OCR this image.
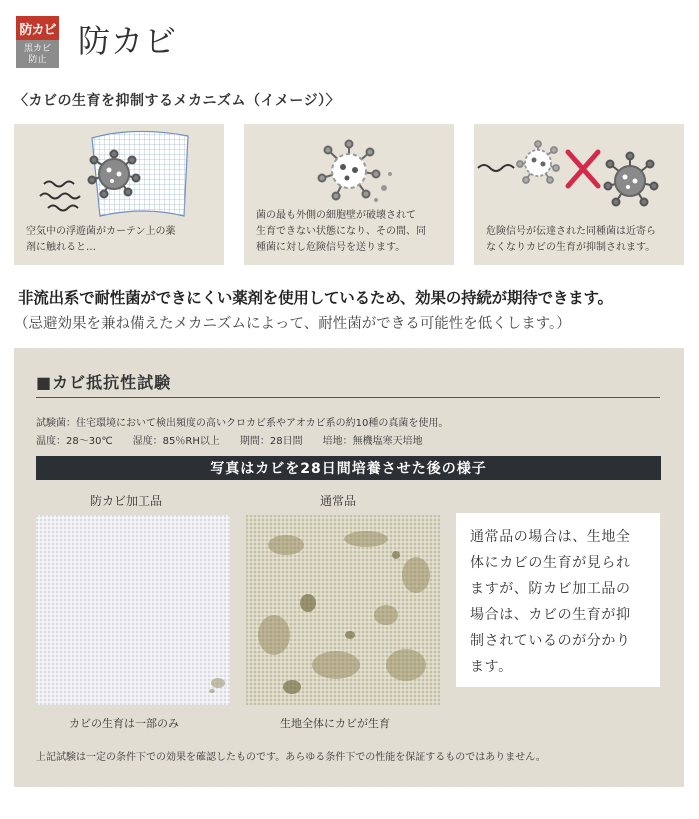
防カビ
黒カビ
防止 防カビ
〈カビの生育を抑制するメカニズム（イメージ）〉
空気中の浮遊菌がカーテン上の薬
剤に触れると…
菌の最も外側の細胞壁が破壊されて
生育できない状態になり、その間、同
種菌に対し危険信号を送ります。
危険信号が伝達された同種菌は近寄ら
なくなりカビの生育が抑制されます。
非流出系で耐性菌ができにくい薬剤を使用しているため、効果の持続が期待できます。
（忌避効果を兼ね備えたメカニズムによって、耐性菌ができる可能性を低くします。）
■カビ抵抗性試験
試験菌：住宅環境において検出頻度の高いクロカビ系やアオカビ系の約10種の真菌を使用。
温度：28～30℃　　湿度：85％RH以上　　期間：28日間　　培地：無機塩寒天培地
写真はカビを28日間培養させた後の様子
防カビ加工品	通常品
カビの生育は一部のみ	生地全体にカビが生育
通常品の場合は、生地全
体にカビの生育が見られ
ますが、防カビ加工品の
場合は、カビの生育が抑
制されているのが分かり
ます。
上記試験は一定の条件下での効果を確認したものです。あらゆる条件下での性能を保証するものではありません。
